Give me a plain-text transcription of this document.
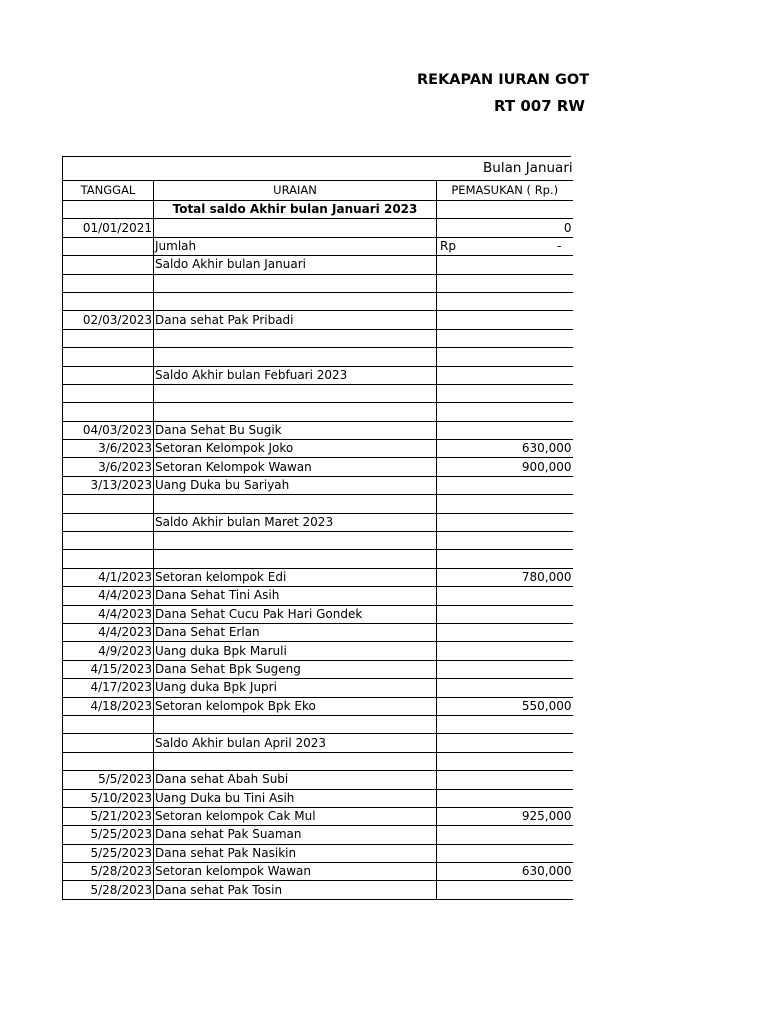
REKAPAN IURAN GOT
RT 007 RW
Bulan Januari
TANGGAL	URAIAN	PEMASUKAN ( Rp.)
	Total saldo Akhir bulan Januari 2023	
01/01/2021		0
	Jumlah	Rp -

	Saldo Akhir bulan Januari	

02/03/2023	Dana sehat Pak Pribadi	

	Saldo Akhir bulan Febfuari 2023	

04/03/2023	Dana Sehat Bu Sugik	
3/6/2023	Setoran Kelompok Joko	630,000
3/6/2023	Setoran Kelompok Wawan	900,000
3/13/2023	Uang Duka bu Sariyah	

	Saldo Akhir bulan Maret 2023	

4/1/2023	Setoran kelompok Edi	780,000
4/4/2023	Dana Sehat Tini Asih	
4/4/2023	Dana Sehat Cucu Pak Hari Gondek	
4/4/2023	Dana Sehat Erlan	
4/9/2023	Uang duka Bpk Maruli	
4/15/2023	Dana Sehat Bpk Sugeng	
4/17/2023	Uang duka Bpk Jupri	
4/18/2023	Setoran kelompok Bpk Eko	550,000

	Saldo Akhir bulan April 2023	

5/5/2023	Dana sehat Abah Subi	
5/10/2023	Uang Duka bu Tini Asih	
5/21/2023	Setoran kelompok Cak Mul	925,000
5/25/2023	Dana sehat Pak Suaman	
5/25/2023	Dana sehat Pak Nasikin	
5/28/2023	Setoran kelompok Wawan	630,000
5/28/2023	Dana sehat Pak Tosin	
